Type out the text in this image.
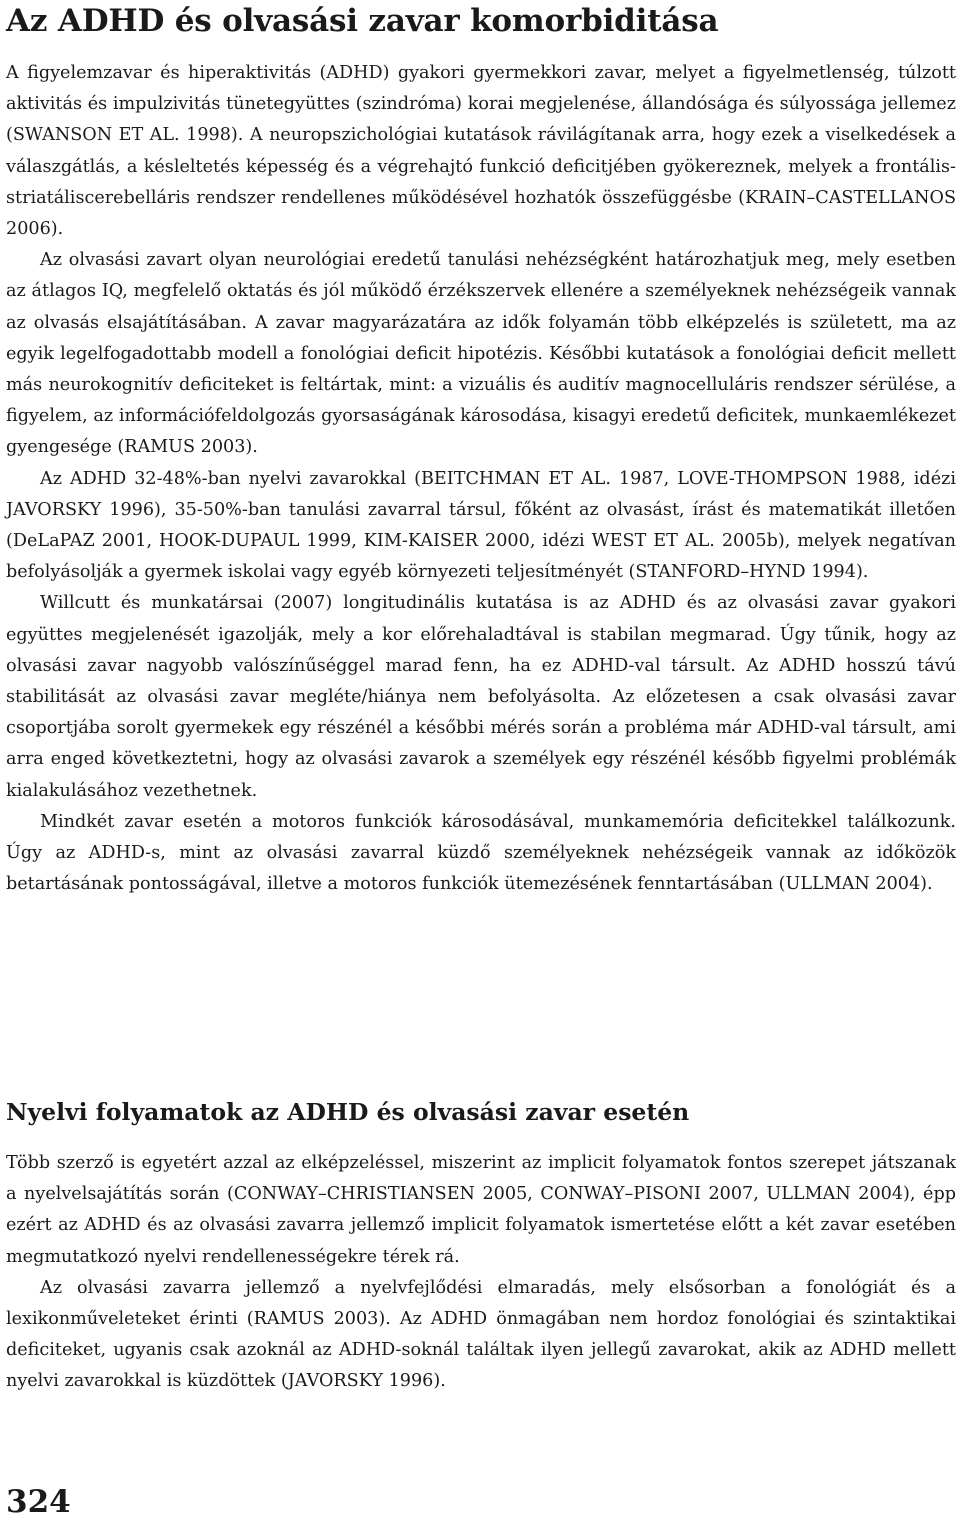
Az ADHD és olvasási zavar komorbiditása

A figyelemzavar és hiperaktivitás (ADHD) gyakori gyermekkori zavar, melyet a figyelmetlenség, túlzott aktivitás és impulzivitás tünetegyüttes (szindróma) korai megjelenése, állandósága és súlyossága jellemez (SWANSON ET AL. 1998). A neuropszichológiai kutatások rávilágítanak arra, hogy ezek a viselkedések a válaszgátlás, a késleltetés képesség és a végrehajtó funkció deficitjében gyökereznek, melyek a frontális-striatáliscerebelláris rendszer rendellenes működésével hozhatók összefüggésbe (KRAIN–CASTELLANOS 2006).

Az olvasási zavart olyan neurológiai eredetű tanulási nehézségként határozhatjuk meg, mely esetben az átlagos IQ, megfelelő oktatás és jól működő érzékszervek ellenére a személyeknek nehézségeik vannak az olvasás elsajátításában. A zavar magyarázatára az idők folyamán több elképzelés is született, ma az egyik legelfogadottabb modell a fonológiai deficit hipotézis. Későbbi kutatások a fonológiai deficit mellett más neurokognitív deficiteket is feltártak, mint: a vizuális és auditív magnocelluláris rendszer sérülése, a figyelem, az információfeldolgozás gyorsaságának károsodása, kisagyi eredetű deficitek, munkaemlékezet gyengesége (RAMUS 2003).

Az ADHD 32-48%-ban nyelvi zavarokkal (BEITCHMAN ET AL. 1987, LOVE-THOMPSON 1988, idézi JAVORSKY 1996), 35-50%-ban tanulási zavarral társul, főként az olvasást, írást és matematikát illetően (DeLaPAZ 2001, HOOK-DUPAUL 1999, KIM-KAISER 2000, idézi WEST ET AL. 2005b), melyek negatívan befolyásolják a gyermek iskolai vagy egyéb környezeti teljesítményét (STANFORD–HYND 1994).

Willcutt és munkatársai (2007) longitudinális kutatása is az ADHD és az olvasási zavar gyakori együttes megjelenését igazolják, mely a kor előrehaladtával is stabilan megmarad. Úgy tűnik, hogy az olvasási zavar nagyobb valószínűséggel marad fenn, ha ez ADHD-val társult. Az ADHD hosszú távú stabilitását az olvasási zavar megléte/hiánya nem befolyásolta. Az előzetesen a csak olvasási zavar csoportjába sorolt gyermekek egy részénél a későbbi mérés során a probléma már ADHD-val társult, ami arra enged következtetni, hogy az olvasási zavarok a személyek egy részénél később figyelmi problémák kialakulásához vezethetnek.

Mindkét zavar esetén a motoros funkciók károsodásával, munkamemória deficitekkel találkozunk. Úgy az ADHD-s, mint az olvasási zavarral küzdő személyeknek nehézségeik vannak az időközök betartásának pontosságával, illetve a motoros funkciók ütemezésének fenntartásában (ULLMAN 2004).

Nyelvi folyamatok az ADHD és olvasási zavar esetén

Több szerző is egyetért azzal az elképzeléssel, miszerint az implicit folyamatok fontos szerepet játszanak a nyelvelsajátítás során (CONWAY–CHRISTIANSEN 2005, CONWAY–PISONI 2007, ULLMAN 2004), épp ezért az ADHD és az olvasási zavarra jellemző implicit folyamatok ismertetése előtt a két zavar esetében megmutatkozó nyelvi rendellenességekre térek rá.

Az olvasási zavarra jellemző a nyelvfejlődési elmaradás, mely elsősorban a fonológiát és a lexikonműveleteket érinti (RAMUS 2003). Az ADHD önmagában nem hordoz fonológiai és szintaktikai deficiteket, ugyanis csak azoknál az ADHD-soknál találtak ilyen jellegű zavarokat, akik az ADHD mellett nyelvi zavarokkal is küzdöttek (JAVORSKY 1996).

324
